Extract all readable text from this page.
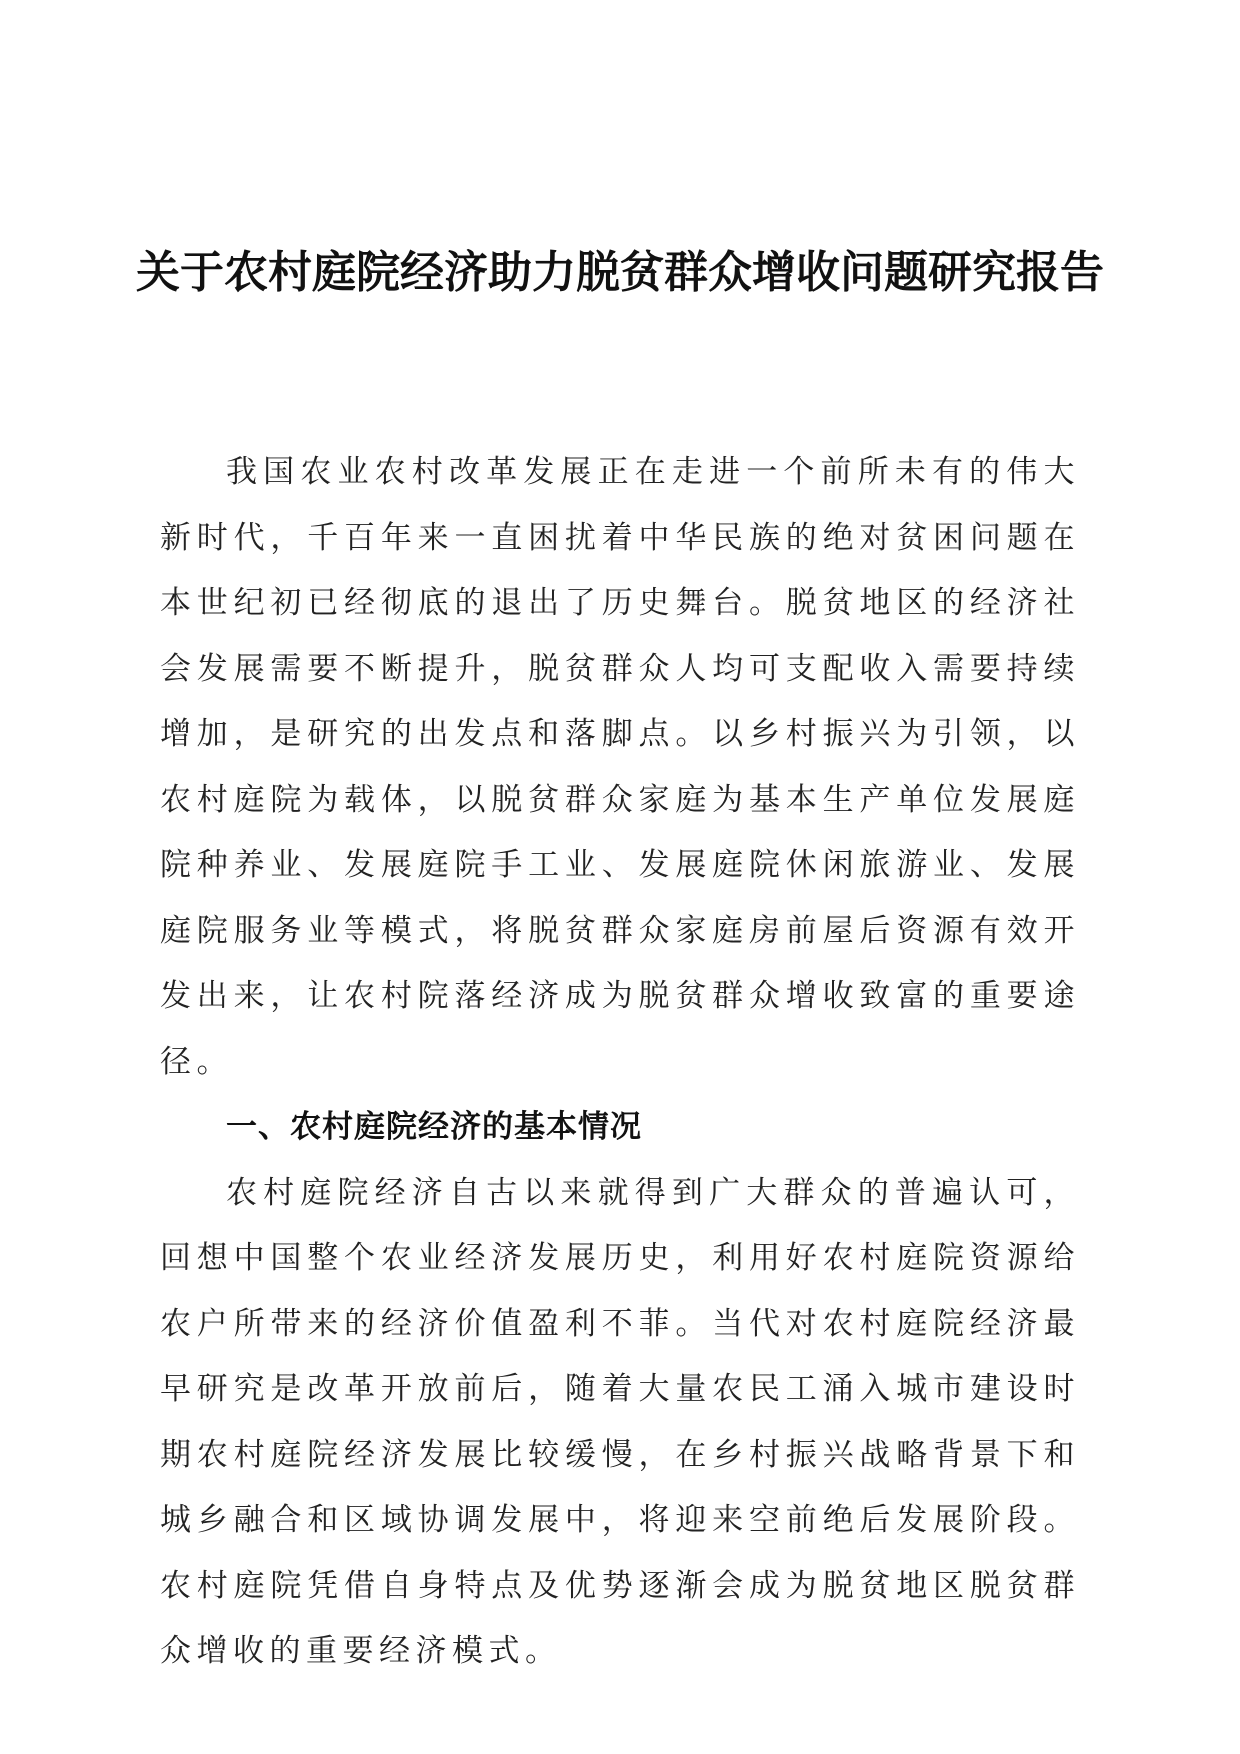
关于农村庭院经济助力脱贫群众增收问题研究报告

我国农业农村改革发展正在走进一个前所未有的伟大新时代，千百年来一直困扰着中华民族的绝对贫困问题在本世纪初已经彻底的退出了历史舞台。脱贫地区的经济社会发展需要不断提升，脱贫群众人均可支配收入需要持续增加，是研究的出发点和落脚点。以乡村振兴为引领，以农村庭院为载体，以脱贫群众家庭为基本生产单位发展庭院种养业、发展庭院手工业、发展庭院休闲旅游业、发展庭院服务业等模式，将脱贫群众家庭房前屋后资源有效开发出来，让农村院落经济成为脱贫群众增收致富的重要途径。

一、农村庭院经济的基本情况

农村庭院经济自古以来就得到广大群众的普遍认可，回想中国整个农业经济发展历史，利用好农村庭院资源给农户所带来的经济价值盈利不菲。当代对农村庭院经济最早研究是改革开放前后，随着大量农民工涌入城市建设时期农村庭院经济发展比较缓慢，在乡村振兴战略背景下和城乡融合和区域协调发展中，将迎来空前绝后发展阶段。农村庭院凭借自身特点及优势逐渐会成为脱贫地区脱贫群众增收的重要经济模式。
